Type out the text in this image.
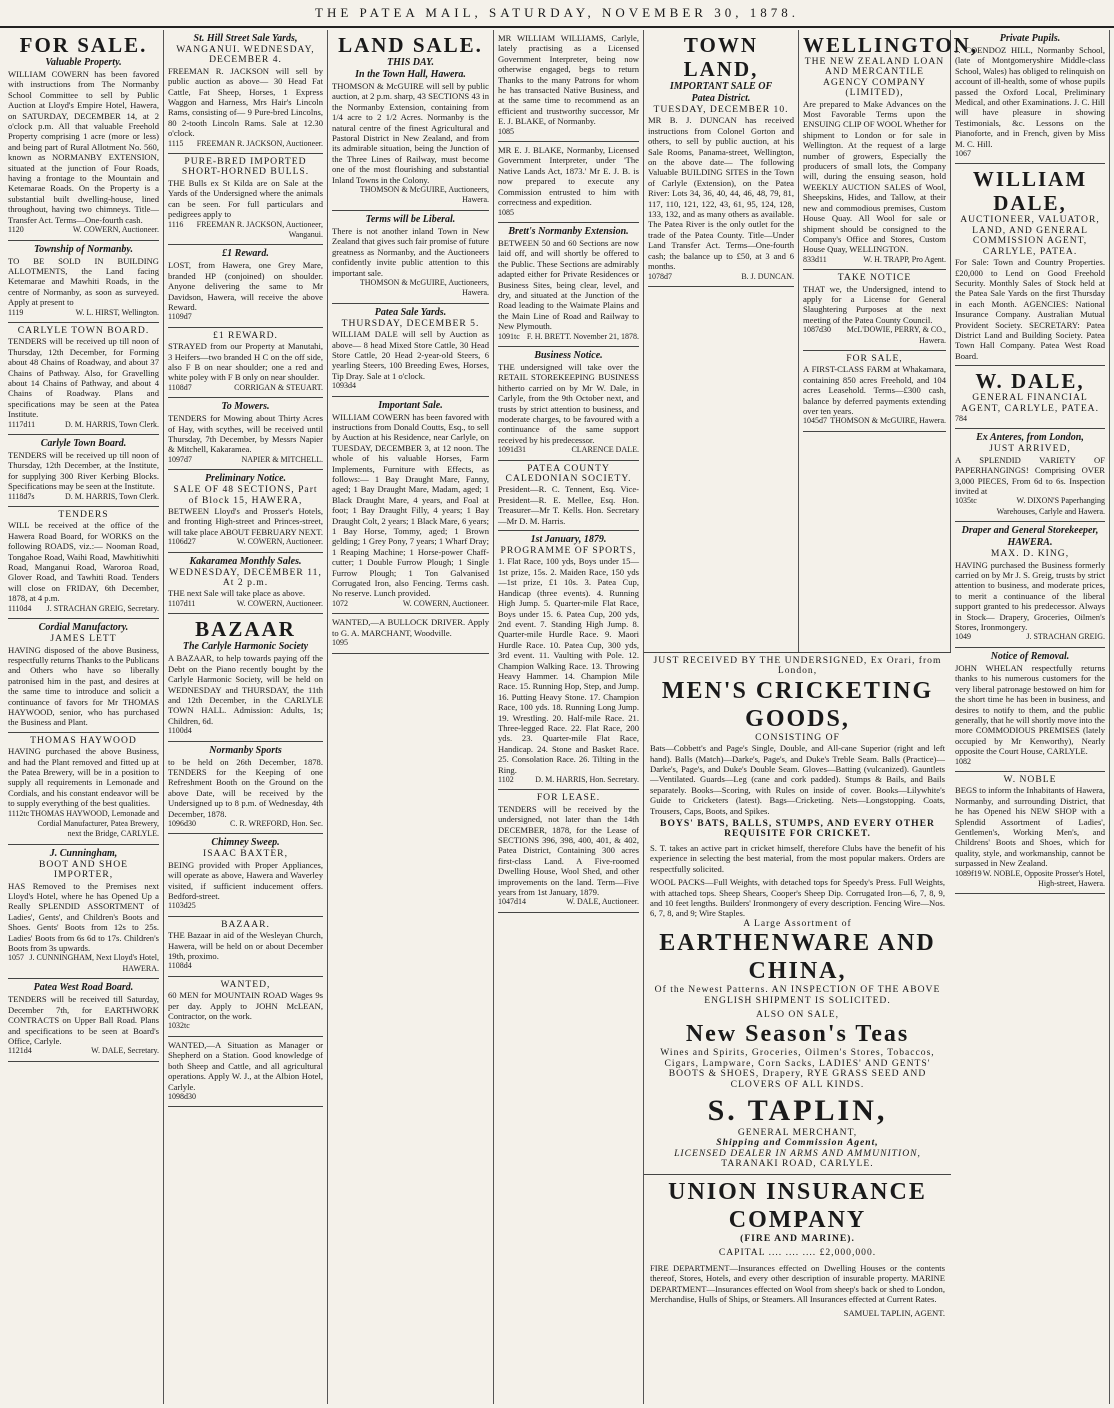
THE PATEA MAIL, SATURDAY, NOVEMBER 30, 1878.
FOR SALE.
Valuable Property.
WILLIAM COWERN has been favored with instructions from The Normanby School Committee to sell by Public Auction at Lloyd's Empire Hotel, Hawera, on SATURDAY, DECEMBER 14, at 2 o'clock p.m. All that valuable Freehold Property comprising 1 acre (more or less) and being part of Rural Allotment No. 560, known as NORMANBY EXTENSION, situated at the junction of Four Roads, having a frontage to the Mountain and Ketemarae Roads. On the Property is a substantial built dwelling-house, lined throughout, having two chimneys. Title—Transfer Act. Terms—One-fourth cash.
1120	W. COWERN, Auctioneer.
Township of Normanby.
TO BE SOLD IN BUILDING ALLOTMENTS, the Land facing Ketemarae and Mawhiti Roads, in the centre of Normanby, as soon as surveyed. Apply at present to
1119	W. L. HIRST, Wellington.
CARLYLE TOWN BOARD.
TENDERS will be received up till noon of Thursday, 12th December, for Forming about 48 Chains of Roadway, and about 37 Chains of Pathway. Also, for Gravelling about 14 Chains of Pathway, and about 4 Chains of Roadway. Plans and specifications may be seen at the Patea Institute.
1117d11	D. M. HARRIS, Town Clerk.
Carlyle Town Board.
TENDERS will be received up till noon of Thursday, 12th December, at the Institute, for supplying 300 River Kerbing Blocks. Specifications may be seen at the Institute.
1118d7s	D. M. HARRIS, Town Clerk.
TENDERS
WILL be received at the office of the Hawera Road Board, for WORKS on the following ROADS, viz.:— Nooman Road, Tongahoe Road, Waihi Road, Mawhitiwhiti Road, Manganui Road, Waroroa Road, Glover Road, and Tawhiti Road. Tenders will close on FRIDAY, 6th December, 1878, at 4 p.m.
1110d4 J. STRACHAN GREIG, Secretary.
Cordial Manufactory.
JAMES LETT
HAVING disposed of the above Business, respectfully returns Thanks to the Publicans and Others who have so liberally patronised him in the past, and desires at the same time to introduce and solicit a continuance of favors for Mr THOMAS HAYWOOD, senior, who has purchased the Business and Plant.
THOMAS HAYWOOD
HAVING purchased the above Business, and had the Plant removed and fitted up at the Patea Brewery, will be in a position to supply all requirements in Lemonade and Cordials, and his constant endeavor will be to supply everything of the best qualities.
1112tc THOMAS HAYWOOD, Lemonade and Cordial Manufacturer, Patea Brewery, next the Bridge, CARLYLE.
J. Cunningham,
BOOT AND SHOE IMPORTER,
HAS Removed to the Premises next Lloyd's Hotel, where he has Opened Up a Really SPLENDID ASSORTMENT of Ladies', Gents', and Children's Boots and Shoes. Gents' Boots from 12s to 25s. Ladies' Boots from 6s 6d to 17s. Children's Boots from 3s upwards.
1057 J. CUNNINGHAM, Next Lloyd's Hotel, HAWERA.
Patea West Road Board.
TENDERS will be received till Saturday, December 7th, for EARTHWORK CONTRACTS on Upper Ball Road. Plans and specifications to be seen at Board's Office, Carlyle.
1121d4	W. DALE, Secretary.
St. Hill Street Sale Yards,
WANGANUI. WEDNESDAY, DECEMBER 4.
FREEMAN R. JACKSON will sell by public auction as above— 30 Head Fat Cattle, Fat Sheep, Horses, 1 Express Waggon and Harness, Mrs Hair's Lincoln Rams, consisting of— 9 Pure-bred Lincolns, 80 2-tooth Lincoln Rams. Sale at 12.30 o'clock.
1115 FREEMAN R. JACKSON, Auctioneer.
PURE-BRED IMPORTED SHORT-HORNED BULLS.
THE Bulls ex St Kilda are on Sale at the Yards of the Undersigned where the animals can be seen. For full particulars and pedigrees apply to
1116	FREEMAN R. JACKSON, Auctioneer, Wanganui.
£1 Reward.
LOST, from Hawera, one Grey Mare, branded HP (conjoined) on shoulder. Anyone delivering the same to Mr Davidson, Hawera, will receive the above Reward.
1109d7
£1 REWARD.
STRAYED from our Property at Manutahi, 3 Heifers—two branded H C on the off side, also F B on near shoulder; one a red and white poley with F B only on near shoulder.
1108d7	CORRIGAN & STEUART.
To Mowers.
TENDERS for Mowing about Thirty Acres of Hay, with scythes, will be received until Thursday, 7th December, by Messrs Napier & Mitchell, Kakaramea.
1097d7	NAPIER & MITCHELL.
Preliminary Notice.
SALE OF 48 SECTIONS, Part of Block 15, HAWERA,
BETWEEN Lloyd's and Prosser's Hotels, and fronting High-street and Princes-street, will take place ABOUT FEBRUARY NEXT.
1106d27	W. COWERN, Auctioneer.
Kakaramea Monthly Sales.
WEDNESDAY, DECEMBER 11, At 2 p.m.
THE next Sale will take place as above.
1107d11	W. COWERN, Auctioneer.
BAZAAR
The Carlyle Harmonic Society
A BAZAAR, to help towards paying off the Debt on the Piano recently bought by the Carlyle Harmonic Society, will be held on WEDNESDAY and THURSDAY, the 11th and 12th December, in the CARLYLE TOWN HALL. Admission: Adults, 1s; Children, 6d.
1100d4
Normanby Sports
to be held on 26th December, 1878. TENDERS for the Keeping of one Refreshment Booth on the Ground on the above Date, will be received by the Undersigned up to 8 p.m. of Wednesday, 4th December, 1878.
1096d30	C. R. WREFORD, Hon. Sec.
Chimney Sweep.
ISAAC BAXTER,
BEING provided with Proper Appliances, will operate as above, Hawera and Waverley visited, if sufficient inducement offers. Bedford-street.
1103d25
BAZAAR.
THE Bazaar in aid of the Wesleyan Church, Hawera, will be held on or about December 19th, proximo.
1108d4
WANTED,
60 MEN for MOUNTAIN ROAD Wages 9s per day. Apply to JOHN McLEAN, Contractor, on the work.
1032tc
WANTED,—A Situation as Manager or Shepherd on a Station. Good knowledge of both Sheep and Cattle, and all agricultural operations. Apply W. J., at the Albion Hotel, Carlyle.
1098d30
LAND SALE.
THIS DAY.
In the Town Hall, Hawera.
THOMSON & McGUIRE will sell by public auction, at 2 p.m. sharp, 43 SECTIONS 43 in the Normanby Extension, containing from 1/4 acre to 2 1/2 Acres. Normanby is the natural centre of the finest Agricultural and Pastoral District in New Zealand, and from its admirable situation, being the Junction of the Three Lines of Railway, must become one of the most flourishing and substantial Inland Towns in the Colony.
THOMSON & McGUIRE, Auctioneers, Hawera.
Terms will be Liberal.
There is not another inland Town in New Zealand that gives such fair promise of future greatness as Normanby, and the Auctioneers confidently invite public attention to this important sale.
THOMSON & McGUIRE, Auctioneers, Hawera.
Patea Sale Yards.
THURSDAY, DECEMBER 5.
WILLIAM DALE will sell by Auction as above— 8 head Mixed Store Cattle, 30 Head Store Cattle, 20 Head 2-year-old Steers, 6 yearling Steers, 100 Breeding Ewes, Horses, Tip Dray. Sale at 1 o'clock.
1093d4
Important Sale.
WILLIAM COWERN has been favored with instructions from Donald Coutts, Esq., to sell by Auction at his Residence, near Carlyle, on TUESDAY, DECEMBER 3, at 12 noon. The whole of his valuable Horses, Farm Implements, Furniture with Effects, as follows:— 1 Bay Draught Mare, Fanny, aged; 1 Bay Draught Mare, Madam, aged; 1 Black Draught Mare, 4 years, and Foal at foot; 1 Bay Draught Filly, 4 years; 1 Bay Draught Colt, 2 years; 1 Black Mare, 6 years; 1 Bay Horse, Tommy, aged; 1 Brown gelding; 1 Grey Pony, 7 years; 1 Wharf Dray; 1 Reaping Machine; 1 Horse-power Chaff-cutter; 1 Double Furrow Plough; 1 Single Furrow Plough; 1 Ton Galvanised Corrugated Iron, also Fencing. Terms cash. No reserve. Lunch provided.
1072	W. COWERN, Auctioneer.
WANTED,—A BULLOCK DRIVER. Apply to G. A. MARCHANT, Woodville.
1095
MR WILLIAM WILLIAMS, Carlyle, lately practising as a Licensed Government Interpreter, being now otherwise engaged, begs to return Thanks to the many Patrons for whom he has transacted Native Business, and at the same time to recommend as an efficient and trustworthy successor, Mr E. J. BLAKE, of Normanby.
1085
MR E. J. BLAKE, Normanby, Licensed Government Interpreter, under 'The Native Lands Act, 1873.' Mr E. J. B. is now prepared to execute any Commission entrusted to him with correctness and expedition.
1085
Brett's Normanby Extension.
BETWEEN 50 and 60 Sections are now laid off, and will shortly be offered to the Public. These Sections are admirably adapted either for Private Residences or Business Sites, being clear, level, and dry, and situated at the Junction of the Road leading to the Waimate Plains and the Main Line of Road and Railway to New Plymouth.
1091tc F. H. BRETT. November 21, 1878.
Business Notice.
THE undersigned will take over the RETAIL STOREKEEPING BUSINESS hitherto carried on by Mr W. Dale, in Carlyle, from the 9th October next, and trusts by strict attention to business, and moderate charges, to be favoured with a continuance of the same support received by his predecessor.
1091d31	CLARENCE DALE.
PATEA COUNTY CALEDONIAN SOCIETY.
President—R. C. Tennent, Esq. Vice-President—R. E. Mellee, Esq. Hon. Treasurer—Mr T. Kells. Hon. Secretary—Mr D. M. Harris.
1st January, 1879.
PROGRAMME OF SPORTS,
1. Flat Race, 100 yds, Boys under 15—1st prize, 15s. 2. Maiden Race, 150 yds—1st prize, £1 10s. 3. Patea Cup, Handicap (three events). 4. Running High Jump. 5. Quarter-mile Flat Race, Boys under 15. 6. Patea Cup, 200 yds, 2nd event. 7. Standing High Jump. 8. Quarter-mile Hurdle Race. 9. Maori Hurdle Race. 10. Patea Cup, 300 yds, 3rd event. 11. Vaulting with Pole. 12. Champion Walking Race. 13. Throwing Heavy Hammer. 14. Champion Mile Race. 15. Running Hop, Step, and Jump. 16. Putting Heavy Stone. 17. Champion Race, 100 yds. 18. Running Long Jump. 19. Wrestling. 20. Half-mile Race. 21. Three-legged Race. 22. Flat Race, 200 yds. 23. Quarter-mile Flat Race, Handicap. 24. Stone and Basket Race. 25. Consolation Race. 26. Tilting in the Ring.
1102	D. M. HARRIS, Hon. Secretary.
FOR LEASE.
TENDERS will be received by the undersigned, not later than the 14th DECEMBER, 1878, for the Lease of SECTIONS 396, 398, 400, 401, & 402, Patea District, Containing 300 acres first-class Land. A Five-roomed Dwelling House, Wool Shed, and other improvements on the land. Term—Five years from 1st January, 1879.
1047d14	W. DALE, Auctioneer.
TOWN LAND,
IMPORTANT SALE OF
Patea District.
TUESDAY, DECEMBER 10.
MR B. J. DUNCAN has received instructions from Colonel Gorton and others, to sell by public auction, at his Sale Rooms, Panama-street, Wellington, on the above date— The following Valuable BUILDING SITES in the Town of Carlyle (Extension), on the Patea River: Lots 34, 36, 40, 44, 46, 48, 79, 81, 117, 110, 121, 122, 43, 61, 95, 124, 128, 133, 132, and as many others as available. The Patea River is the only outlet for the trade of the Patea County. Title—Under Land Transfer Act. Terms—One-fourth cash; the balance up to £50, at 3 and 6 months.
1078d7	B. J. DUNCAN.
WELLINGTON,
THE NEW ZEALAND LOAN AND MERCANTILE AGENCY COMPANY (LIMITED),
Are prepared to Make Advances on the Most Favorable Terms upon the ENSUING CLIP OF WOOL Whether for shipment to London or for sale in Wellington. At the request of a large number of growers, Especially the producers of small lots, the Company will, during the ensuing season, hold WEEKLY AUCTION SALES of Wool, Sheepskins, Hides, and Tallow, at their new and commodious premises, Custom House Quay. All Wool for sale or shipment should be consigned to the Company's Office and Stores, Custom House Quay, WELLINGTON.
833d11	W. H. TRAPP, Pro Agent.
TAKE NOTICE
THAT we, the Undersigned, intend to apply for a License for General Slaughtering Purposes at the next meeting of the Patea County Council.
1087d30	McL'DOWIE, PERRY, & CO., Hawera.
FOR SALE,
A FIRST-CLASS FARM at Whakamara, containing 850 acres Freehold, and 104 acres Leasehold. Terms—£300 cash, balance by deferred payments extending over ten years.
1045d7 THOMSON & McGUIRE, Hawera.
Private Pupils.
J. COENDOZ HILL, Normanby School, (late of Montgomeryshire Middle-class School, Wales) has obliged to relinquish on account of ill-health, some of whose pupils passed the Oxford Local, Preliminary Medical, and other Examinations. J. C. Hill will have pleasure in showing Testimonials, &c. Lessons on the Pianoforte, and in French, given by Miss M. C. Hill.
1067
WILLIAM DALE,
AUCTIONEER, VALUATOR, LAND, AND GENERAL COMMISSION AGENT, CARLYLE, PATEA.
For Sale: Town and Country Properties. £20,000 to Lend on Good Freehold Security. Monthly Sales of Stock held at the Patea Sale Yards on the first Thursday in each Month. AGENCIES: National Insurance Company. Australian Mutual Provident Society. SECRETARY: Patea District Land and Building Society. Patea Town Hall Company. Patea West Road Board.
W. DALE,
GENERAL FINANCIAL AGENT, CARLYLE, PATEA.
784
Ex Anteres, from London,
JUST ARRIVED,
A SPLENDID VARIETY OF PAPERHANGINGS! Comprising OVER 3,000 PIECES, From 6d to 6s. Inspection invited at
1035tc	W. DIXON'S Paperhanging Warehouses, Carlyle and Hawera.
Draper and General Storekeeper, HAWERA.
MAX. D. KING,
HAVING purchased the Business formerly carried on by Mr J. S. Greig, trusts by strict attention to business, and moderate prices, to merit a continuance of the liberal support granted to his predecessor. Always in Stock— Drapery, Groceries, Oilmen's Stores, Ironmongery.
1049	J. STRACHAN GREIG.
Notice of Removal.
JOHN WHELAN respectfully returns thanks to his numerous customers for the very liberal patronage bestowed on him for the short time he has been in business, and desires to notify to them, and the public generally, that he will shortly move into the more COMMODIOUS PREMISES (lately occupied by Mr Kenworthy), Nearly opposite the Court House, CARLYLE.
1082
W. NOBLE
BEGS to inform the Inhabitants of Hawera, Normanby, and surrounding District, that he has Opened his NEW SHOP with a Splendid Assortment of Ladies', Gentlemen's, Working Men's, and Childrens' Boots and Shoes, which for quality, style, and workmanship, cannot be surpassed in New Zealand.
1089f19 W. NOBLE, Opposite Prosser's Hotel, High-street, Hawera.
JUST RECEIVED BY THE UNDERSIGNED, Ex Orari, from London,
MEN'S CRICKETING GOODS,
CONSISTING OF
Bats—Cobbett's and Page's Single, Double, and All-cane Superior (right and left hand). Balls (Match)—Darke's, Page's, and Duke's Treble Seam. Balls (Practice)—Darke's, Page's, and Duke's Double Seam. Gloves—Batting (vulcanized). Gauntlets—Ventilated. Guards—Leg (cane and cork padded). Stumps & Bails, and Bails separately. Books—Scoring, with Rules on inside of cover. Books—Lilywhite's Guide to Cricketers (latest). Bags—Cricketing. Nets—Longstopping. Coats, Trousers, Caps, Boots, and Spikes.
BOYS' BATS, BALLS, STUMPS, AND EVERY OTHER REQUISITE FOR CRICKET.
S. T. takes an active part in cricket himself, therefore Clubs have the benefit of his experience in selecting the best material, from the most popular makers. Orders are respectfully solicited.
WOOL PACKS—Full Weights, with detached tops for Speedy's Press. Full Weights, with attached tops. Sheep Shears, Cooper's Sheep Dip. Corrugated Iron—6, 7, 8, 9, and 10 feet lengths. Builders' Ironmongery of every description. Fencing Wire—Nos. 6, 7, 8, and 9; Wire Staples.
A Large Assortment of
EARTHENWARE AND CHINA,
Of the Newest Patterns. AN INSPECTION OF THE ABOVE ENGLISH SHIPMENT IS SOLICITED.
ALSO ON SALE,
New Season's Teas
Wines and Spirits, Groceries, Oilmen's Stores, Tobaccos, Cigars, Lampware, Corn Sacks, LADIES' AND GENTS' BOOTS & SHOES, Drapery, RYE GRASS SEED AND CLOVERS OF ALL KINDS.
S. TAPLIN,
GENERAL MERCHANT,
Shipping and Commission Agent,
LICENSED DEALER IN ARMS AND AMMUNITION,
TARANAKI ROAD, CARLYLE.
UNION INSURANCE COMPANY
(FIRE AND MARINE).
CAPITAL .... .... .... £2,000,000.
FIRE DEPARTMENT—Insurances effected on Dwelling Houses or the contents thereof, Stores, Hotels, and every other description of insurable property. MARINE DEPARTMENT—Insurances effected on Wool from sheep's back or shed to London, Merchandise, Hulls of Ships, or Steamers. All Insurances effected at Current Rates.
SAMUEL TAPLIN, AGENT.
